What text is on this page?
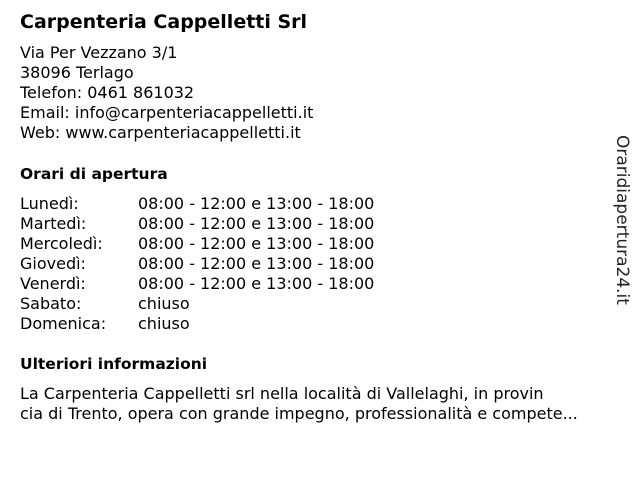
Carpenteria Cappelletti Srl
Via Per Vezzano 3/1
38096 Terlago
Telefon: 0461 861032
Email: info@carpenteriacappelletti.it
Web: www.carpenteriacappelletti.it
Orari di apertura
Lunedì:	08:00 - 12:00 e 13:00 - 18:00
Martedì:	08:00 - 12:00 e 13:00 - 18:00
Mercoledì:	08:00 - 12:00 e 13:00 - 18:00
Giovedì:	08:00 - 12:00 e 13:00 - 18:00
Venerdì:	08:00 - 12:00 e 13:00 - 18:00
Sabato:	chiuso
Domenica:	chiuso
Ulteriori informazioni
La Carpenteria Cappelletti srl nella località di Vallelaghi, in provin
cia di Trento, opera con grande impegno, professionalità e compete...
Oraridiapertura24.it
